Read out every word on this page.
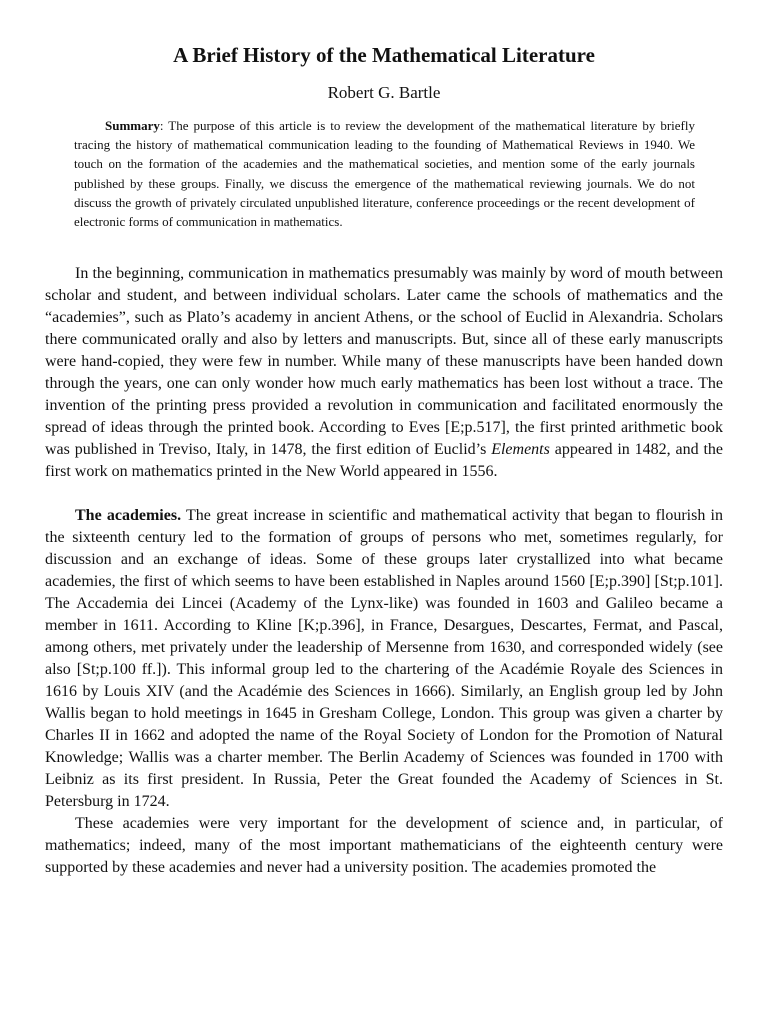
A Brief History of the Mathematical Literature
Robert G. Bartle

Summary: The purpose of this article is to review the development of the mathematical literature by briefly tracing the history of mathematical communication leading to the founding of Mathematical Reviews in 1940. We touch on the formation of the academies and the mathematical societies, and mention some of the early journals published by these groups. Finally, we discuss the emergence of the mathematical reviewing journals. We do not discuss the growth of privately circulated unpublished literature, conference proceedings or the recent development of electronic forms of communication in mathematics.

In the beginning, communication in mathematics presumably was mainly by word of mouth between scholar and student, and between individual scholars. Later came the schools of mathematics and the “academies”, such as Plato’s academy in ancient Athens, or the school of Euclid in Alexandria. Scholars there communicated orally and also by letters and manuscripts. But, since all of these early manuscripts were hand-copied, they were few in number. While many of these manuscripts have been handed down through the years, one can only wonder how much early mathematics has been lost without a trace. The invention of the printing press provided a revolution in communication and facilitated enormously the spread of ideas through the printed book. According to Eves [E;p.517], the first printed arithmetic book was published in Treviso, Italy, in 1478, the first edition of Euclid’s Elements appeared in 1482, and the first work on mathematics printed in the New World appeared in 1556.

The academies. The great increase in scientific and mathematical activity that began to flourish in the sixteenth century led to the formation of groups of persons who met, sometimes regularly, for discussion and an exchange of ideas. Some of these groups later crystallized into what became academies, the first of which seems to have been established in Naples around 1560 [E;p.390] [St;p.101]. The Accademia dei Lincei (Academy of the Lynx-like) was founded in 1603 and Galileo became a member in 1611. According to Kline [K;p.396], in France, Desargues, Descartes, Fermat, and Pascal, among others, met privately under the leadership of Mersenne from 1630, and corresponded widely (see also [St;p.100 ff.]). This informal group led to the chartering of the Académie Royale des Sciences in 1616 by Louis XIV (and the Académie des Sciences in 1666). Similarly, an English group led by John Wallis began to hold meetings in 1645 in Gresham College, London. This group was given a charter by Charles II in 1662 and adopted the name of the Royal Society of London for the Promotion of Natural Knowledge; Wallis was a charter member. The Berlin Academy of Sciences was founded in 1700 with Leibniz as its first president. In Russia, Peter the Great founded the Academy of Sciences in St. Petersburg in 1724.

These academies were very important for the development of science and, in particular, of mathematics; indeed, many of the most important mathematicians of the eighteenth century were supported by these academies and never had a university position. The academies promoted the
